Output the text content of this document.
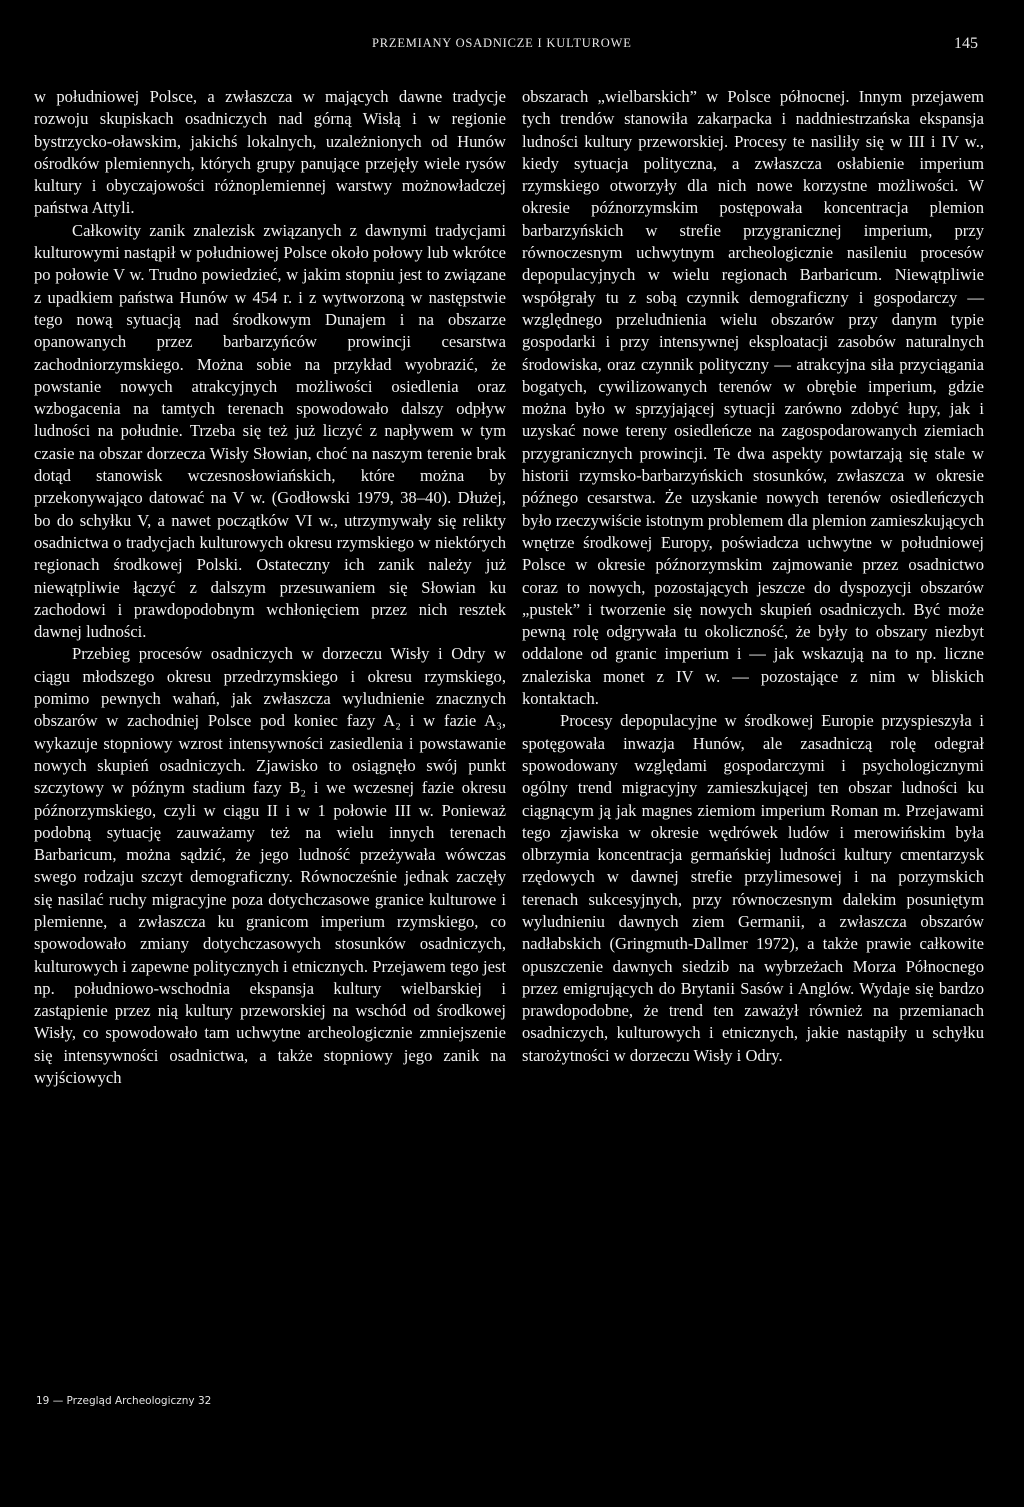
PRZEMIANY OSADNICZE I KULTUROWE	145

w południowej Polsce, a zwłaszcza w mających dawne tradycje rozwoju skupiskach osadniczych nad górną Wisłą i w regionie bystrzycko-oławskim, jakichś lokalnych, uzależnionych od Hunów ośrodków plemiennych, których grupy panujące przejęły wiele rysów kultury i obyczajowości różnoplemiennej warstwy możnowładczej państwa Attyli.

Całkowity zanik znalezisk związanych z dawnymi tradycjami kulturowymi nastąpił w południowej Polsce około połowy lub wkrótce po połowie V w. Trudno powiedzieć, w jakim stopniu jest to związane z upadkiem państwa Hunów w 454 r. i z wytworzoną w następstwie tego nową sytuacją nad środkowym Dunajem i na obszarze opanowanych przez barbarzyńców prowincji cesarstwa zachodniorzymskiego. Można sobie na przykład wyobrazić, że powstanie nowych atrakcyjnych możliwości osiedlenia oraz wzbogacenia na tamtych terenach spowodowało dalszy odpływ ludności na południe. Trzeba się też już liczyć z napływem w tym czasie na obszar dorzecza Wisły Słowian, choć na naszym terenie brak dotąd stanowisk wczesnosłowiańskich, które można by przekonywająco datować na V w. (Godłowski 1979, 38–40). Dłużej, bo do schyłku V, a nawet początków VI w., utrzymywały się relikty osadnictwa o tradycjach kulturowych okresu rzymskiego w niektórych regionach środkowej Polski. Ostateczny ich zanik należy już niewątpliwie łączyć z dalszym przesuwaniem się Słowian ku zachodowi i prawdopodobnym wchłonięciem przez nich resztek dawnej ludności.

Przebieg procesów osadniczych w dorzeczu Wisły i Odry w ciągu młodszego okresu przedrzymskiego i okresu rzymskiego, pomimo pewnych wahań, jak zwłaszcza wyludnienie znacznych obszarów w zachodniej Polsce pod koniec fazy A₂ i w fazie A₃, wykazuje stopniowy wzrost intensywności zasiedlenia i powstawanie nowych skupień osadniczych. Zjawisko to osiągnęło swój punkt szczytowy w późnym stadium fazy B₂ i we wczesnej fazie okresu późnorzymskiego, czyli w ciągu II i w 1 połowie III w. Ponieważ podobną sytuację zauważamy też na wielu innych terenach Barbaricum, można sądzić, że jego ludność przeżywała wówczas swego rodzaju szczyt demograficzny. Równocześnie jednak zaczęły się nasilać ruchy migracyjne poza dotychczasowe granice kulturowe i plemienne, a zwłaszcza ku granicom imperium rzymskiego, co spowodowało zmiany dotychczasowych stosunków osadniczych, kulturowych i zapewne politycznych i etnicznych. Przejawem tego jest np. południowo-wschodnia ekspansja kultury wielbarskiej i zastąpienie przez nią kultury przeworskiej na wschód od środkowej Wisły, co spowodowało tam uchwytne archeologicznie zmniejszenie się intensywności osadnictwa, a także stopniowy jego zanik na wyjściowych

obszarach „wielbarskich” w Polsce północnej. Innym przejawem tych trendów stanowiła zakarpacka i naddniestrzańska ekspansja ludności kultury przeworskiej. Procesy te nasiliły się w III i IV w., kiedy sytuacja polityczna, a zwłaszcza osłabienie imperium rzymskiego otworzyły dla nich nowe korzystne możliwości. W okresie późnorzymskim postępowała koncentracja plemion barbarzyńskich w strefie przygranicznej imperium, przy równoczesnym uchwytnym archeologicznie nasileniu procesów depopulacyjnych w wielu regionach Barbaricum. Niewątpliwie współgrały tu z sobą czynnik demograficzny i gospodarczy — względnego przeludnienia wielu obszarów przy danym typie gospodarki i przy intensywnej eksploatacji zasobów naturalnych środowiska, oraz czynnik polityczny — atrakcyjna siła przyciągania bogatych, cywilizowanych terenów w obrębie imperium, gdzie można było w sprzyjającej sytuacji zarówno zdobyć łupy, jak i uzyskać nowe tereny osiedleńcze na zagospodarowanych ziemiach przygranicznych prowincji. Te dwa aspekty powtarzają się stale w historii rzymsko-barbarzyńskich stosunków, zwłaszcza w okresie późnego cesarstwa. Że uzyskanie nowych terenów osiedleńczych było rzeczywiście istotnym problemem dla plemion zamieszkujących wnętrze środkowej Europy, poświadcza uchwytne w południowej Polsce w okresie późnorzymskim zajmowanie przez osadnictwo coraz to nowych, pozostających jeszcze do dyspozycji obszarów „pustek” i tworzenie się nowych skupień osadniczych. Być może pewną rolę odgrywała tu okoliczność, że były to obszary niezbyt oddalone od granic imperium i — jak wskazują na to np. liczne znaleziska monet z IV w. — pozostające z nim w bliskich kontaktach.

Procesy depopulacyjne w środkowej Europie przyspieszyła i spotęgowała inwazja Hunów, ale zasadniczą rolę odegrał spowodowany względami gospodarczymi i psychologicznymi ogólny trend migracyjny zamieszkującej ten obszar ludności ku ciągnącym ją jak magnes ziemiom imperium Roman m. Przejawami tego zjawiska w okresie wędrówek ludów i merowińskim była olbrzymia koncentracja germańskiej ludności kultury cmentarzysk rzędowych w dawnej strefie przylimesowej i na porzymskich terenach sukcesyjnych, przy równoczesnym dalekim posuniętym wyludnieniu dawnych ziem Germanii, a zwłaszcza obszarów nadłabskich (Gringmuth-Dallmer 1972), a także prawie całkowite opuszczenie dawnych siedzib na wybrzeżach Morza Północnego przez emigrujących do Brytanii Sasów i Anglów. Wydaje się bardzo prawdopodobne, że trend ten zaważył również na przemianach osadniczych, kulturowych i etnicznych, jakie nastąpiły u schyłku starożytności w dorzeczu Wisły i Odry.

19 — Przegląd Archeologiczny 32
